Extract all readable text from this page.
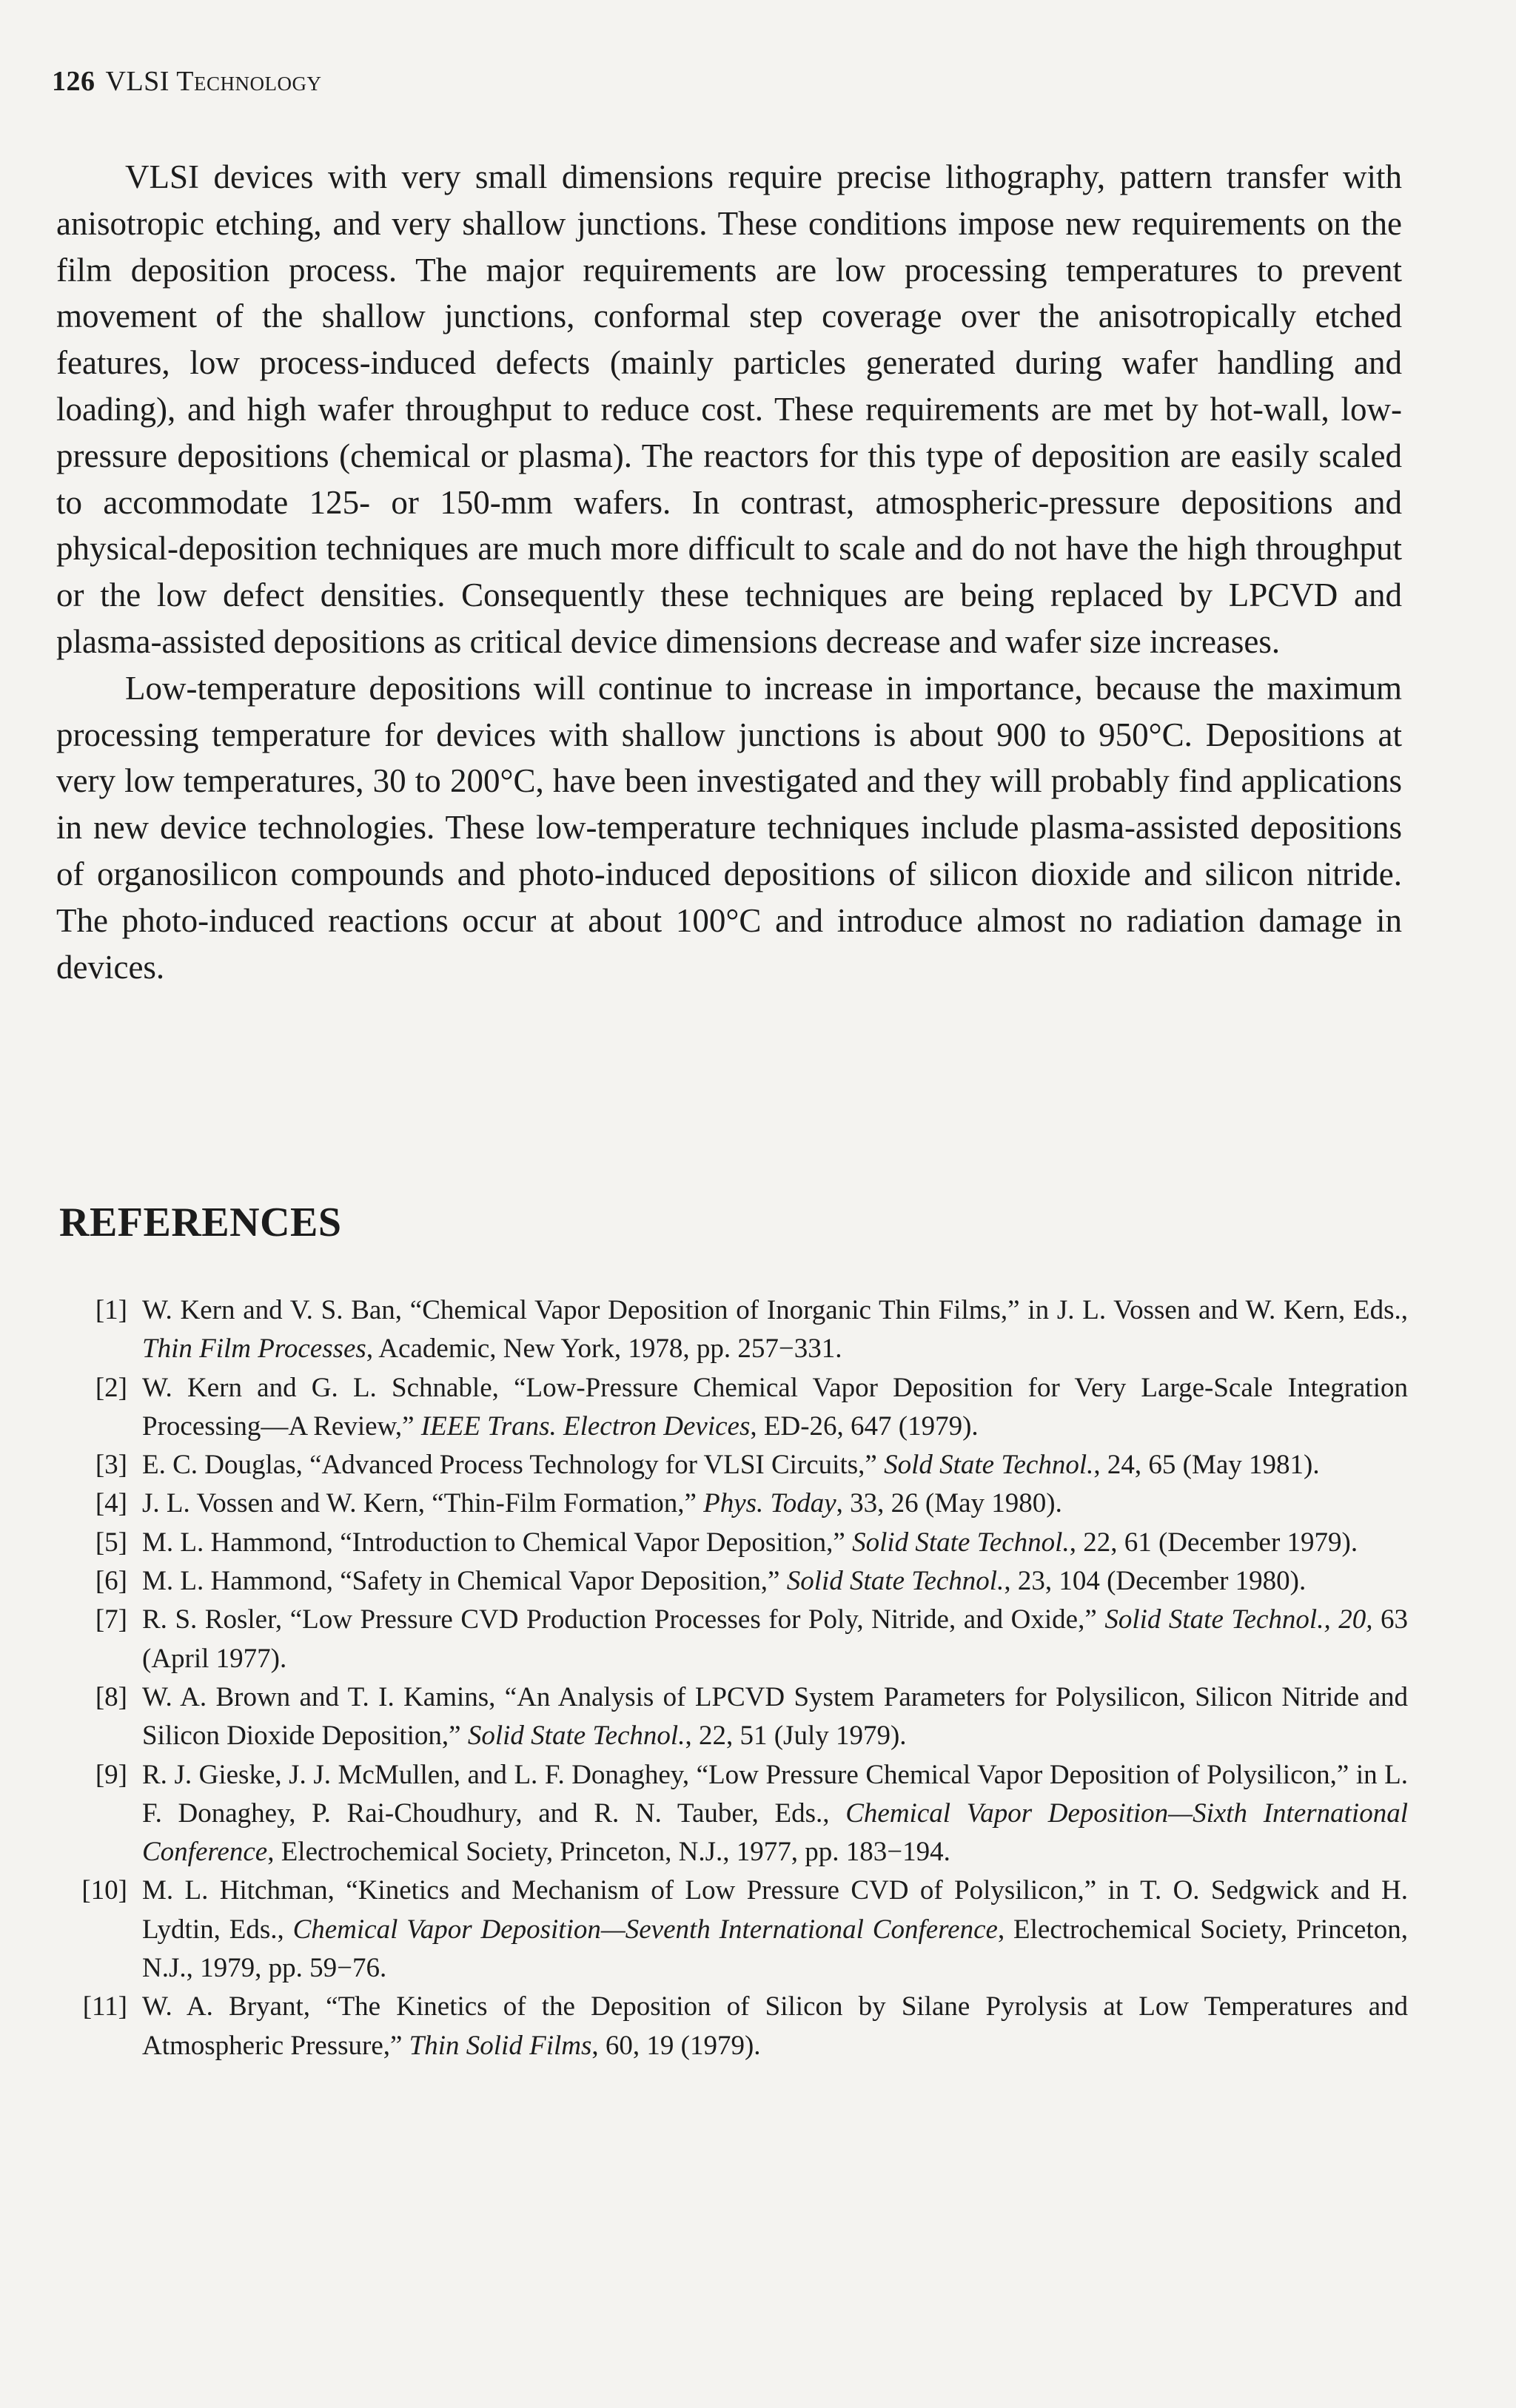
126 VLSI Technology

VLSI devices with very small dimensions require precise lithography, pattern transfer with anisotropic etching, and very shallow junctions. These conditions impose new requirements on the film deposition process. The major requirements are low processing temperatures to prevent movement of the shallow junctions, conformal step coverage over the anisotropically etched features, low process-induced defects (mainly particles generated during wafer handling and loading), and high wafer throughput to reduce cost. These requirements are met by hot-wall, low-pressure depositions (chemical or plasma). The reactors for this type of deposition are easily scaled to accommodate 125- or 150-mm wafers. In contrast, atmospheric-pressure depositions and physical-deposition techniques are much more difficult to scale and do not have the high throughput or the low defect densities. Consequently these techniques are being replaced by LPCVD and plasma-assisted depositions as critical device dimensions decrease and wafer size increases.

Low-temperature depositions will continue to increase in importance, because the maximum processing temperature for devices with shallow junctions is about 900 to 950°C. Depositions at very low temperatures, 30 to 200°C, have been investigated and they will probably find applications in new device technologies. These low-temperature techniques include plasma-assisted depositions of organosilicon compounds and photo-induced depositions of silicon dioxide and silicon nitride. The photo-induced reactions occur at about 100°C and introduce almost no radiation damage in devices.

REFERENCES
[1] W. Kern and V. S. Ban, “Chemical Vapor Deposition of Inorganic Thin Films,” in J. L. Vossen and W. Kern, Eds., Thin Film Processes, Academic, New York, 1978, pp. 257−331.
[2] W. Kern and G. L. Schnable, “Low-Pressure Chemical Vapor Deposition for Very Large-Scale Integration Processing—A Review,” IEEE Trans. Electron Devices, ED-26, 647 (1979).
[3] E. C. Douglas, “Advanced Process Technology for VLSI Circuits,” Sold State Technol., 24, 65 (May 1981).
[4] J. L. Vossen and W. Kern, “Thin-Film Formation,” Phys. Today, 33, 26 (May 1980).
[5] M. L. Hammond, “Introduction to Chemical Vapor Deposition,” Solid State Technol., 22, 61 (December 1979).
[6] M. L. Hammond, “Safety in Chemical Vapor Deposition,” Solid State Technol., 23, 104 (December 1980).
[7] R. S. Rosler, “Low Pressure CVD Production Processes for Poly, Nitride, and Oxide,” Solid State Technol., 20, 63 (April 1977).
[8] W. A. Brown and T. I. Kamins, “An Analysis of LPCVD System Parameters for Polysilicon, Silicon Nitride and Silicon Dioxide Deposition,” Solid State Technol., 22, 51 (July 1979).
[9] R. J. Gieske, J. J. McMullen, and L. F. Donaghey, “Low Pressure Chemical Vapor Deposition of Polysilicon,” in L. F. Donaghey, P. Rai-Choudhury, and R. N. Tauber, Eds., Chemical Vapor Deposition—Sixth International Conference, Electrochemical Society, Princeton, N.J., 1977, pp. 183−194.
[10] M. L. Hitchman, “Kinetics and Mechanism of Low Pressure CVD of Polysilicon,” in T. O. Sedgwick and H. Lydtin, Eds., Chemical Vapor Deposition—Seventh International Conference, Electrochemical Society, Princeton, N.J., 1979, pp. 59−76.
[11] W. A. Bryant, “The Kinetics of the Deposition of Silicon by Silane Pyrolysis at Low Temperatures and Atmospheric Pressure,” Thin Solid Films, 60, 19 (1979).
